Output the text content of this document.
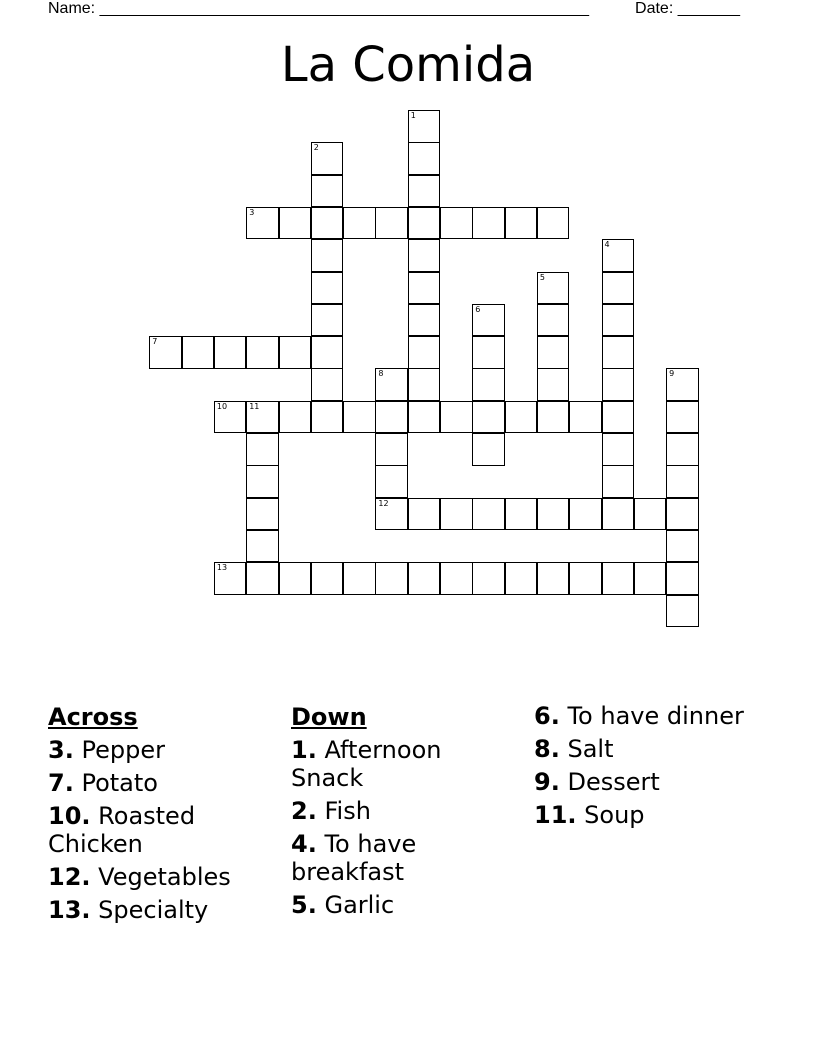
Name: _______________________________________________________	Date: _______
La Comida
1
2
3
4
5
6
7
8	9
10	11
12
13
Across
3. Pepper
7. Potato
10. Roasted Chicken
12. Vegetables
13. Specialty
Down
1. Afternoon Snack
2. Fish
4. To have breakfast
5. Garlic
6. To have dinner
8. Salt
9. Dessert
11. Soup
